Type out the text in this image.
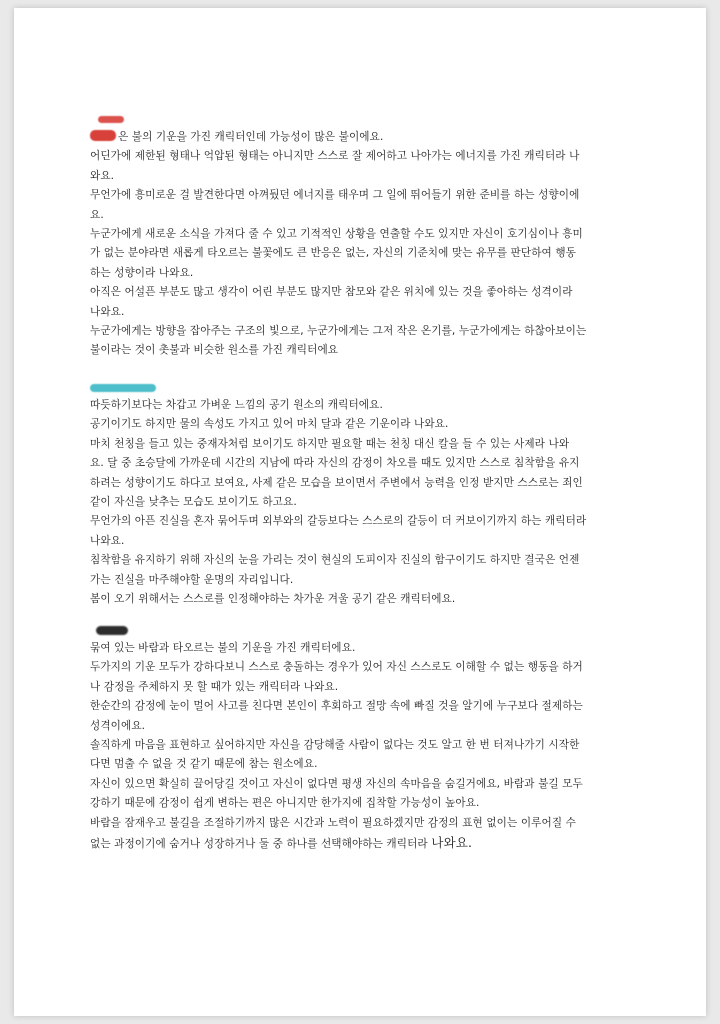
은 불의 기운을 가진 캐릭터인데 가능성이 많은 불이에요.
어딘가에 제한된 형태나 억압된 형태는 아니지만 스스로 잘 제어하고 나아가는 에너지를 가진 캐릭터라 나
와요.
무언가에 흥미로운 걸 발견한다면 아껴뒀던 에너지를 태우며 그 일에 뛰어들기 위한 준비를 하는 성향이에
요.
누군가에게 새로운 소식을 가져다 줄 수 있고 기적적인 상황을 연출할 수도 있지만 자신이 호기심이나 흥미
가 없는 분야라면 새롭게 타오르는 불꽃에도 큰 반응은 없는, 자신의 기준치에 맞는 유무를 판단하여 행동
하는 성향이라 나와요.
아직은 어설픈 부분도 많고 생각이 어린 부분도 많지만 참모와 같은 위치에 있는 것을 좋아하는 성격이라
나와요.
누군가에게는 방향을 잡아주는 구조의 빛으로, 누군가에게는 그저 작은 온기를, 누군가에게는 하찮아보이는
불이라는 것이 촛불과 비슷한 원소를 가진 캐릭터에요
따듯하기보다는 차갑고 가벼운 느낌의 공기 원소의 캐릭터에요.
공기이기도 하지만 물의 속성도 가지고 있어 마치 달과 같은 기운이라 나와요.
마치 천칭을 들고 있는 중재자처럼 보이기도 하지만 필요할 때는 천칭 대신 칼을 들 수 있는 사제라 나와
요. 달 중 초승달에 가까운데 시간의 지남에 따라 자신의 감정이 차오를 때도 있지만 스스로 침착함을 유지
하려는 성향이기도 하다고 보여요, 사제 같은 모습을 보이면서 주변에서 능력을 인정 받지만 스스로는 죄인
같이 자신을 낮추는 모습도 보이기도 하고요.
무언가의 아픈 진실을 혼자 묶어두며 외부와의 갈등보다는 스스로의 갈등이 더 커보이기까지 하는 캐릭터라
나와요.
침착함을 유지하기 위해 자신의 눈을 가리는 것이 현실의 도피이자 진실의 함구이기도 하지만 결국은 언젠
가는 진실을 마주해야할 운명의 자리입니다.
봄이 오기 위해서는 스스로를 인정해야하는 차가운 겨울 공기 같은 캐릭터에요.
묶여 있는 바람과 타오르는 불의 기운을 가진 캐릭터에요.
두가지의 기운 모두가 강하다보니 스스로 충돌하는 경우가 있어 자신 스스로도 이해할 수 없는 행동을 하거
나 감정을 주체하지 못 할 때가 있는 캐릭터라 나와요.
한순간의 감정에 눈이 멀어 사고를 친다면 본인이 후회하고 절망 속에 빠질 것을 알기에 누구보다 절제하는
성격이에요.
솔직하게 마음을 표현하고 싶어하지만 자신을 감당해줄 사람이 없다는 것도 알고 한 번 터져나가기 시작한
다면 멈출 수 없을 것 같기 때문에 참는 원소에요.
자신이 있으면 확실히 끌어당길 것이고 자신이 없다면 평생 자신의 속마음을 숨길거에요, 바람과 불길 모두
강하기 때문에 감정이 쉽게 변하는 편은 아니지만 한가지에 집착할 가능성이 높아요.
바람을 잠재우고 불길을 조절하기까지 많은 시간과 노력이 필요하겠지만 감정의 표현 없이는 이루어질 수
없는 과정이기에 숨거나 성장하거나 둘 중 하나를 선택해야하는 캐릭터라 나와요.
